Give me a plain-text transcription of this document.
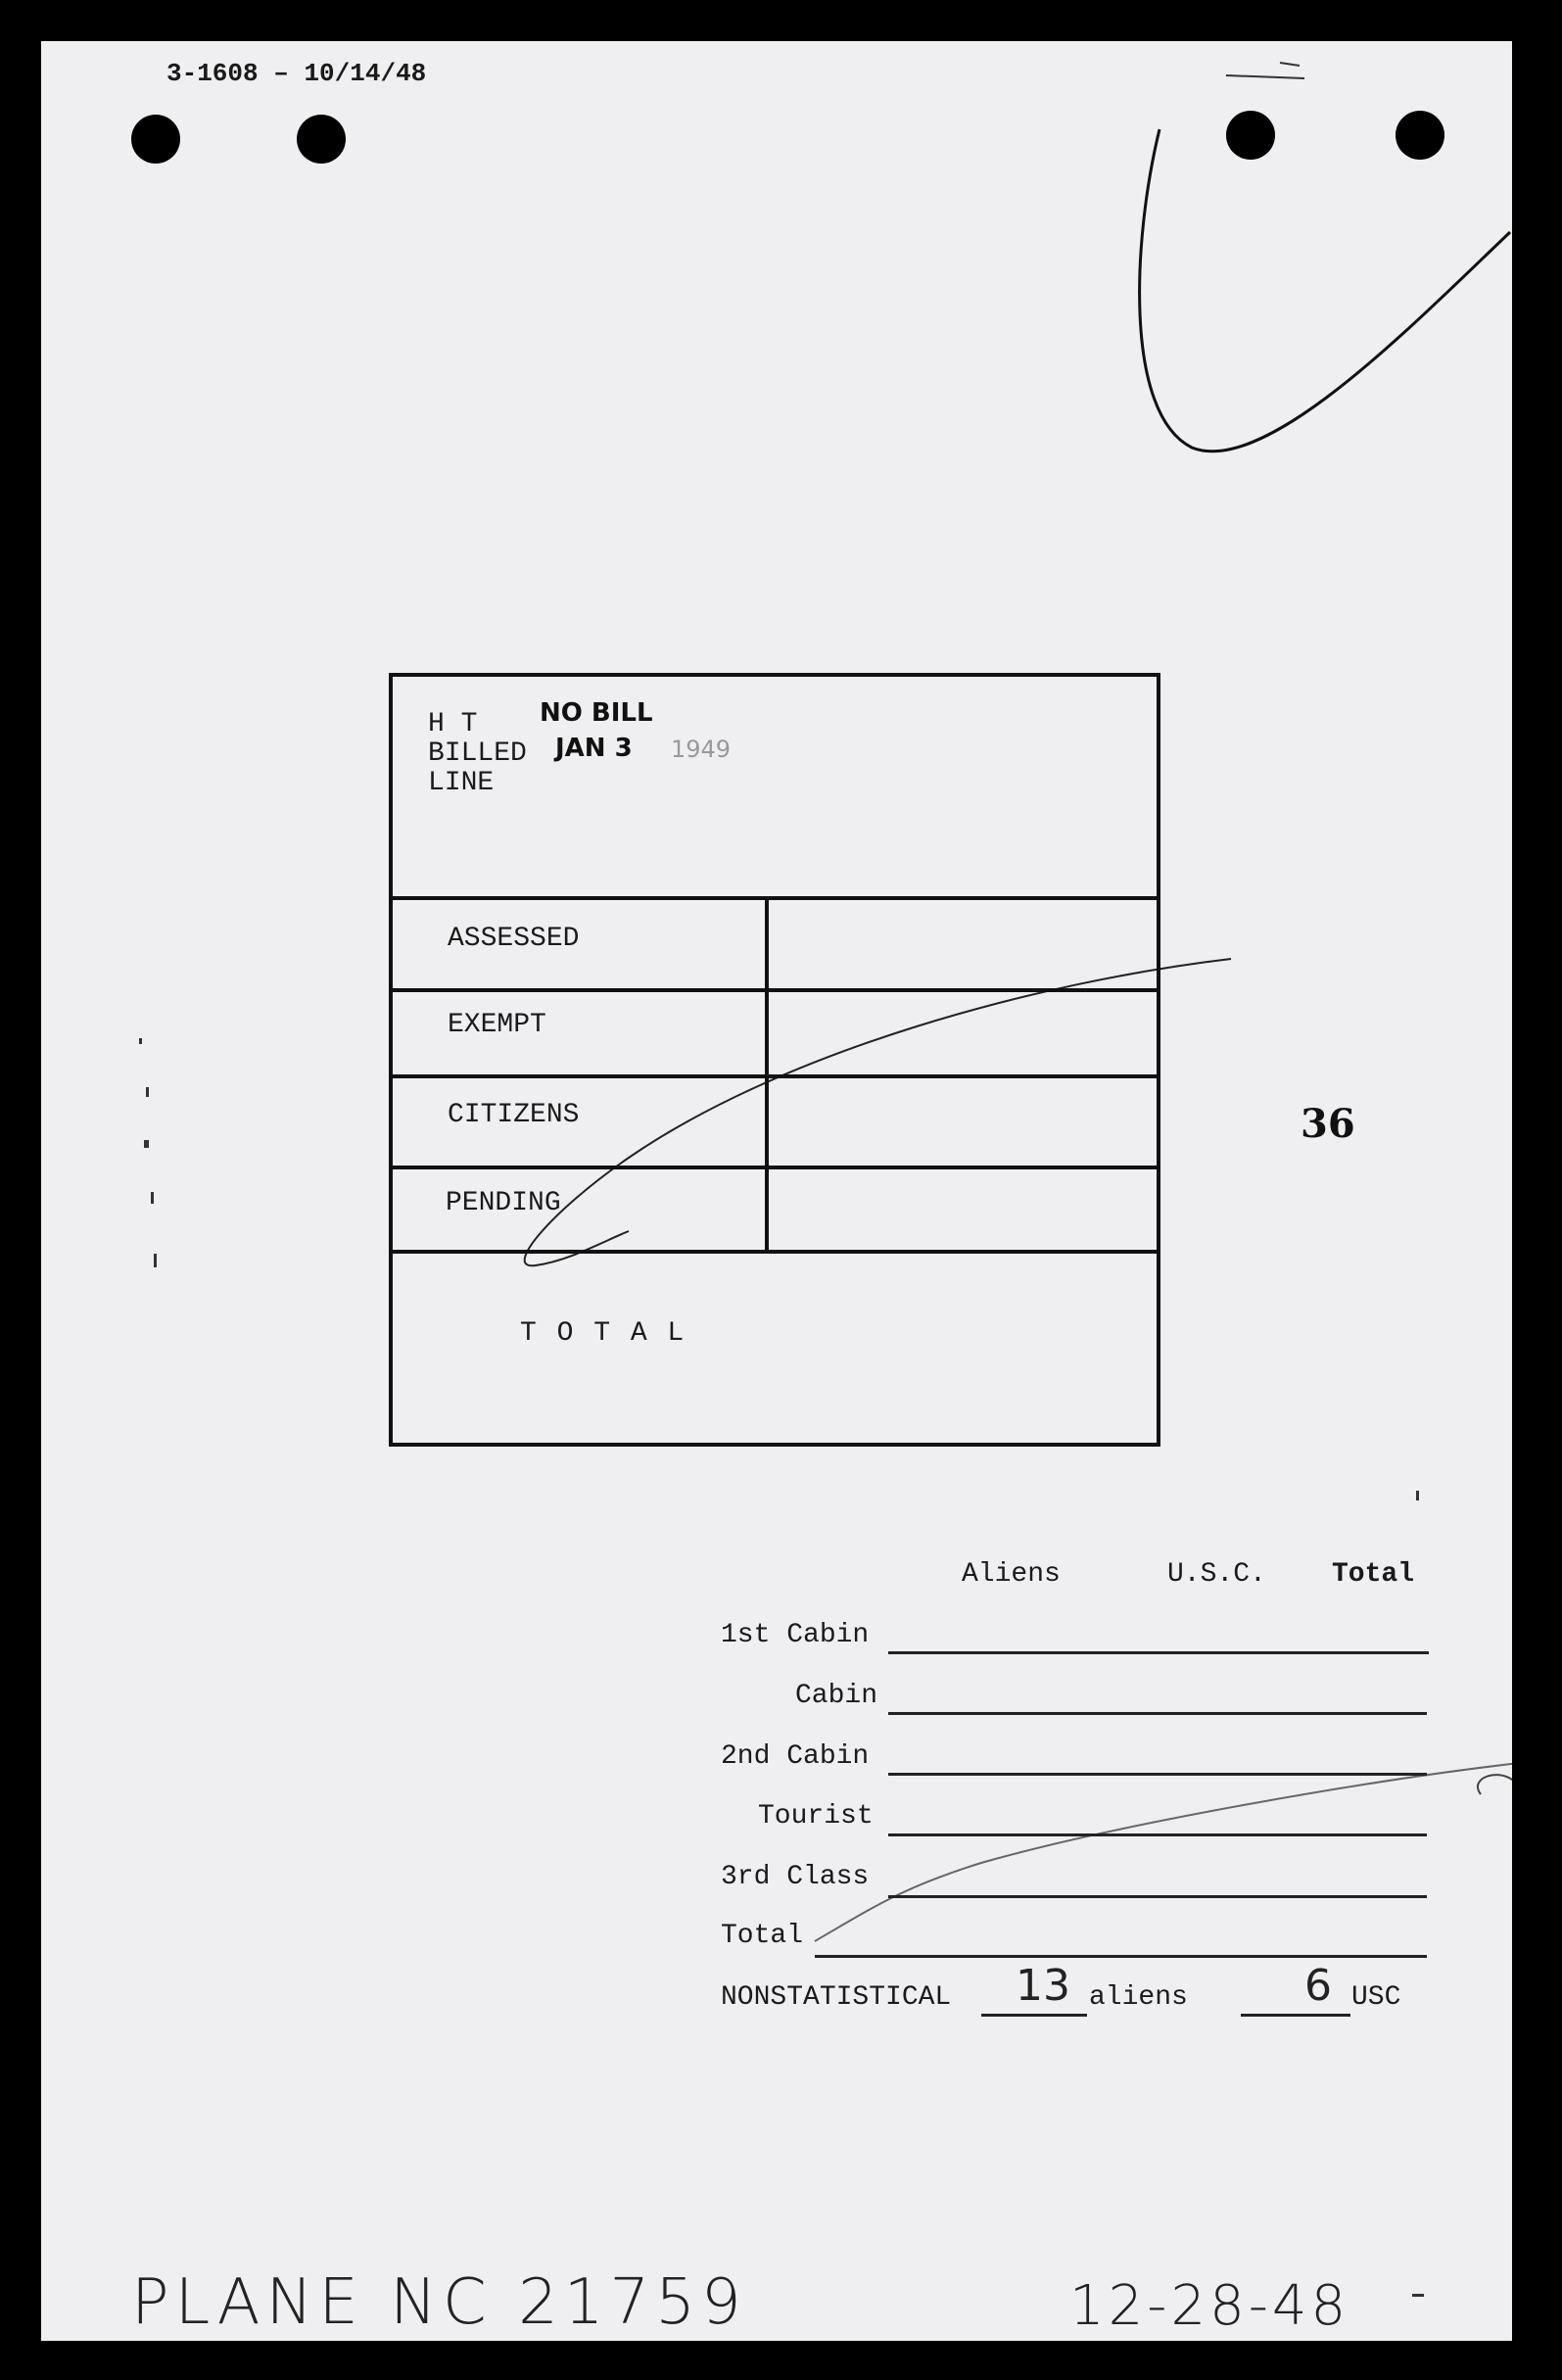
3-1608 – 10/14/48
H T
BILLED
LINE
NO BILL
JAN 3 1949
ASSESSED
EXEMPT
CITIZENS
PENDING
T O T A L
36
Aliens	U.S.C. Total
1st Cabin
Cabin
2nd Cabin
Tourist
3rd Class
Total
NONSTATISTICAL 13 aliens	6 USC
PLANE NC 21759	12-28-48
